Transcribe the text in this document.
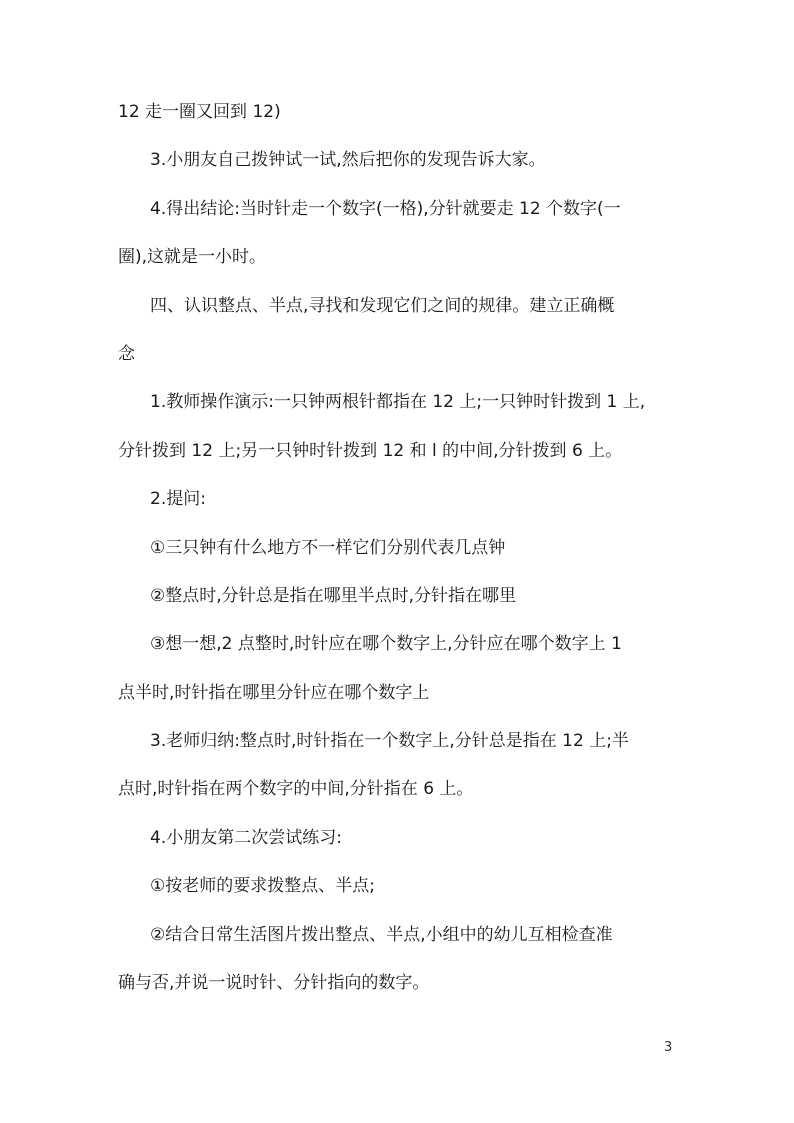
12 走一圈又回到 12)
3.小朋友自己拨钟试一试,然后把你的发现告诉大家。
4.得出结论:当时针走一个数字(一格),分针就要走 12 个数字(一
圈),这就是一小时。
四、认识整点、半点,寻找和发现它们之间的规律。建立正确概
念
1.教师操作演示:一只钟两根针都指在 12 上;一只钟时针拨到 1 上,
分针拨到 12 上;另一只钟时针拨到 12 和 l 的中间,分针拨到 6 上。
2.提问:
①三只钟有什么地方不一样它们分别代表几点钟
②整点时,分针总是指在哪里半点时,分针指在哪里
③想一想,2 点整时,时针应在哪个数字上,分针应在哪个数字上 1
点半时,时针指在哪里分针应在哪个数字上
3.老师归纳:整点时,时针指在一个数字上,分针总是指在 12 上;半
点时,时针指在两个数字的中间,分针指在 6 上。
4.小朋友第二次尝试练习:
①按老师的要求拨整点、半点;
②结合日常生活图片拨出整点、半点,小组中的幼儿互相检查准
确与否,并说一说时针、分针指向的数字。
3
